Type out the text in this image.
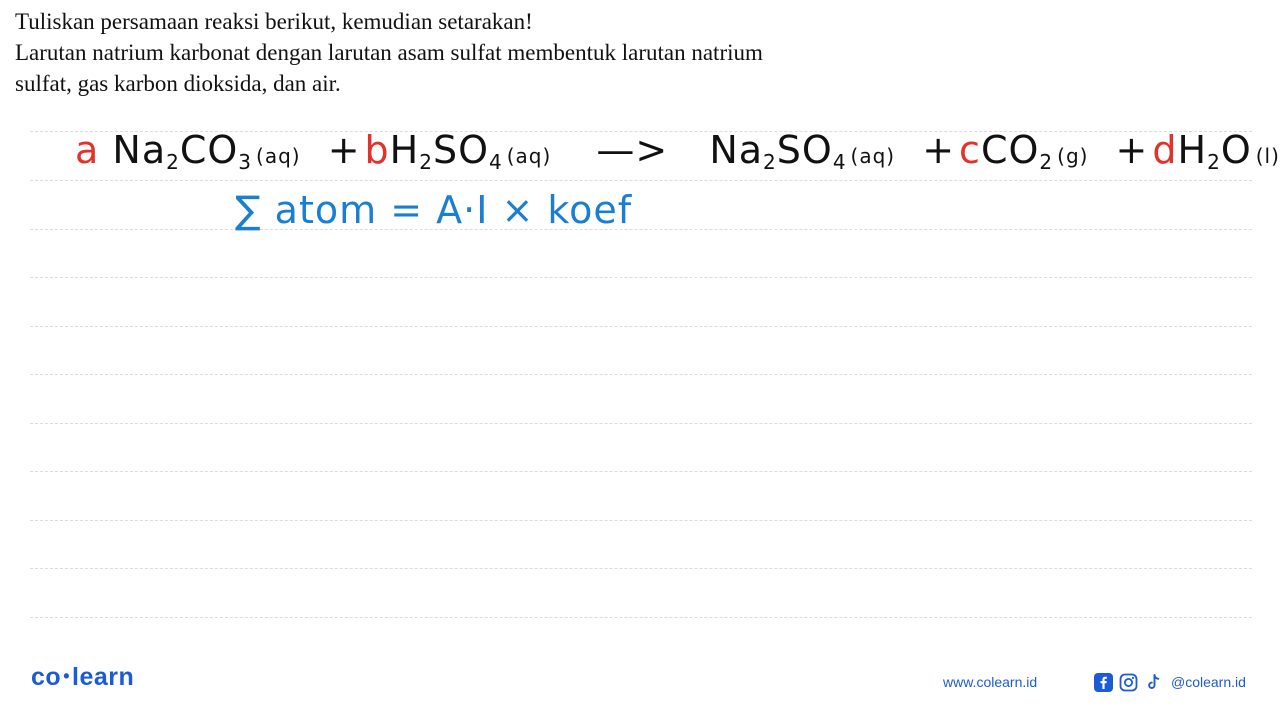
Tuliskan persamaan reaksi berikut, kemudian setarakan!

Larutan natrium karbonat dengan larutan asam sulfat membentuk larutan natrium

sulfat, gas karbon dioksida, dan air.

a $Na_2CO_3$ $(aq) + bH_2SO_4$ (aq) —> $Na_2SO_4$ (aq) + cCO$_2$ $(g) + dH_2O$ (l)
∑ atom = A·I × koef
co •learn	www.colearn.id	@colearn.id
